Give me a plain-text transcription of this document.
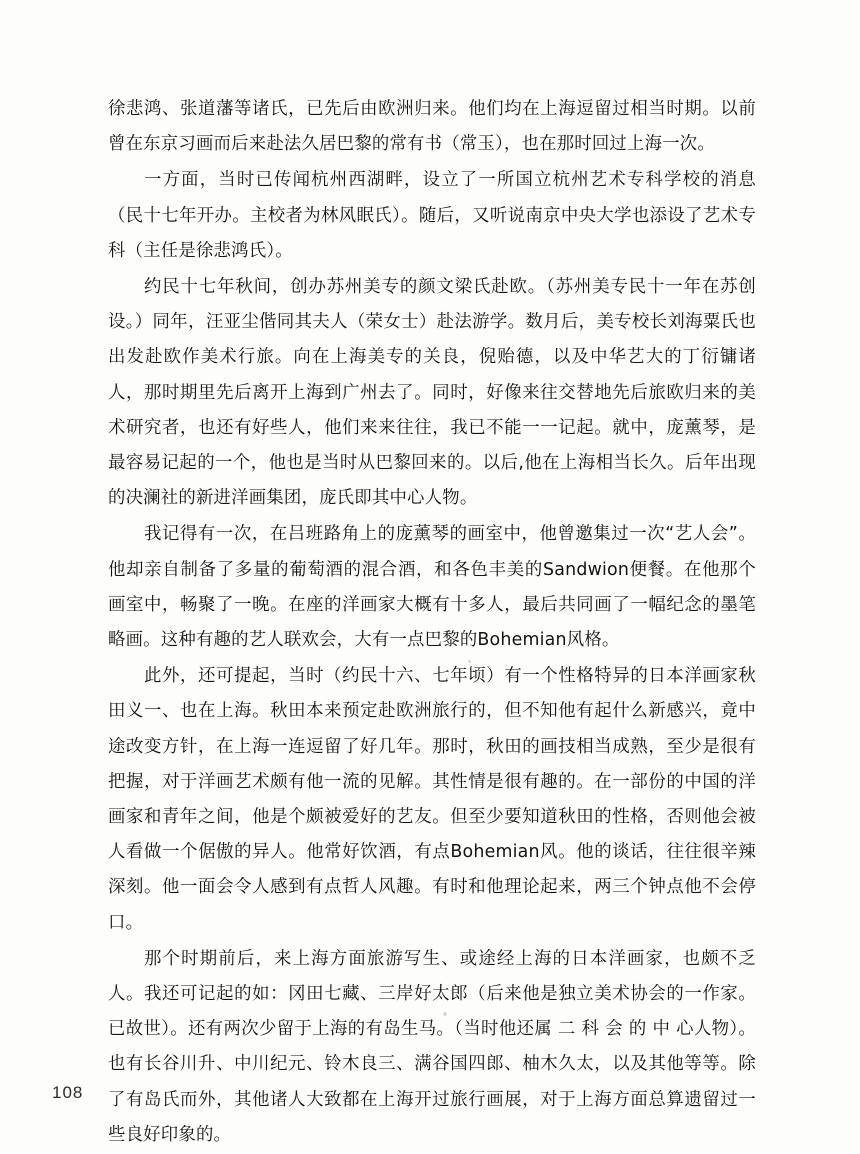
徐悲鸿、张道藩等诸氏，已先后由欧洲归来。他们均在上海逗留过相当时期。以前曾在东京习画而后来赴法久居巴黎的常有书（常玉），也在那时回过上海一次。

一方面，当时已传闻杭州西湖畔，设立了一所国立杭州艺术专科学校的消息（民十七年开办。主校者为林风眠氏）。随后，又听说南京中央大学也添设了艺术专科（主任是徐悲鸿氏）。

约民十七年秋间，创办苏州美专的颜文梁氏赴欧。（苏州美专民十一年在苏创设。）同年，汪亚尘偕同其夫人（荣女士）赴法游学。数月后，美专校长刘海粟氏也出发赴欧作美术行旅。向在上海美专的关良，倪贻德，以及中华艺大的丁衍镛诸人，那时期里先后离开上海到广州去了。同时，好像来往交替地先后旅欧归来的美术研究者，也还有好些人，他们来来往往，我已不能一一记起。就中，庞薰琴，是最容易记起的一个，他也是当时从巴黎回来的。以后,他在上海相当长久。后年出现的决澜社的新进洋画集团，庞氏即其中心人物。

我记得有一次，在吕班路角上的庞薰琴的画室中，他曾邀集过一次“艺人会”。他却亲自制备了多量的葡萄酒的混合酒，和各色丰美的Sandwion便餐。在他那个画室中，畅聚了一晚。在座的洋画家大概有十多人，最后共同画了一幅纪念的墨笔略画。这种有趣的艺人联欢会，大有一点巴黎的Bohemian风格。

此外，还可提起，当时（约民十六、七年顷）有一个性格特异的日本洋画家秋田义一、也在上海。秋田本来预定赴欧洲旅行的，但不知他有起什么新感兴，竟中途改变方针，在上海一连逗留了好几年。那时，秋田的画技相当成熟，至少是很有把握，对于洋画艺术颇有他一流的见解。其性情是很有趣的。在一部份的中国的洋画家和青年之间，他是个颇被爱好的艺友。但至少要知道秋田的性格，否则他会被人看做一个倨傲的异人。他常好饮酒，有点Bohemian风。他的谈话，往往很辛辣深刻。他一面会令人感到有点哲人风趣。有时和他理论起来，两三个钟点他不会停口。

那个时期前后，来上海方面旅游写生、或途经上海的日本洋画家，也颇不乏人。我还可记起的如：冈田七藏、三岸好太郎（后来他是独立美术协会的一作家。已故世）。还有两次少留于上海的有岛生马。（当时他还属 二 科 会 的 中 心人物）。也有长谷川升、中川纪元、铃木良三、满谷国四郎、柚木久太，以及其他等等。除了有岛氏而外，其他诸人大致都在上海开过旅行画展，对于上海方面总算遗留过一些良好印象的。

108
